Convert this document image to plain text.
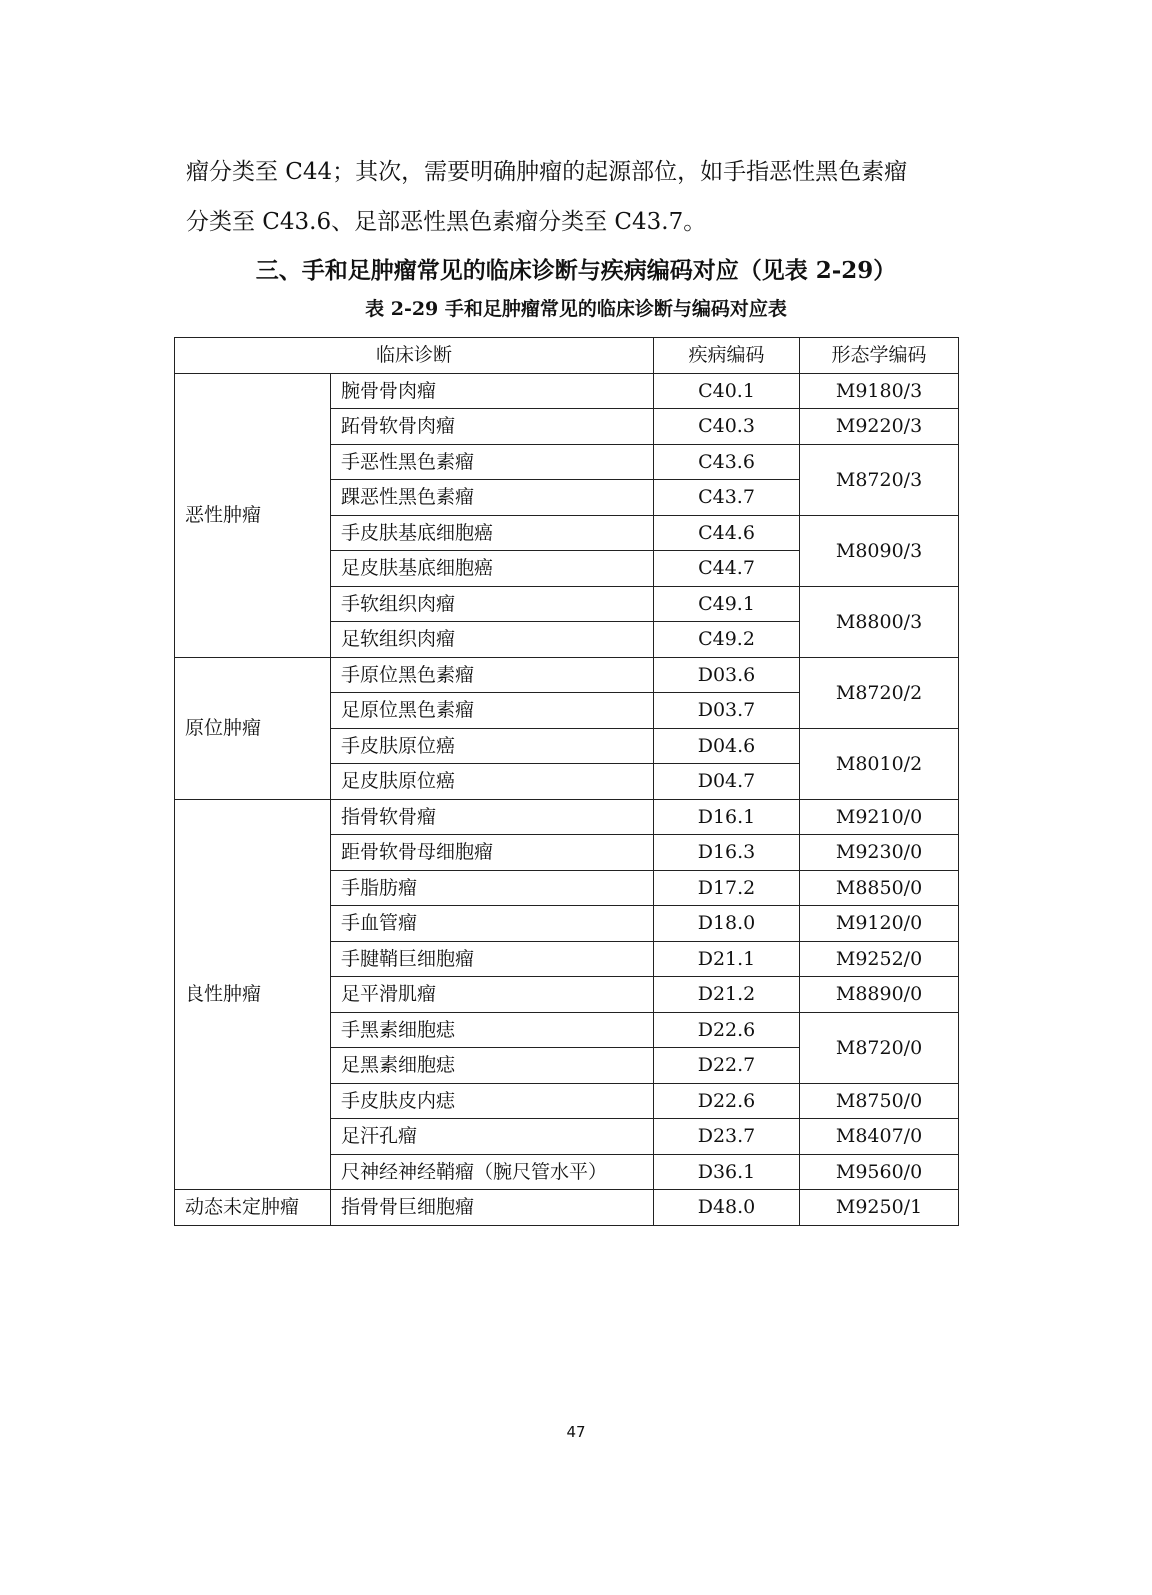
瘤分类至 C44；其次，需要明确肿瘤的起源部位，如手指恶性黑色素瘤
分类至 C43.6、足部恶性黑色素瘤分类至 C43.7。
三、手和足肿瘤常见的临床诊断与疾病编码对应（见表 2-29）
表 2-29 手和足肿瘤常见的临床诊断与编码对应表
临床诊断		疾病编码	形态学编码
恶性肿瘤	腕骨骨肉瘤	C40.1	M9180/3
	跖骨软骨肉瘤	C40.3	M9220/3
	手恶性黑色素瘤	C43.6	M8720/3
	踝恶性黑色素瘤	C43.7	
	手皮肤基底细胞癌	C44.6	M8090/3
	足皮肤基底细胞癌	C44.7	
	手软组织肉瘤	C49.1	M8800/3
	足软组织肉瘤	C49.2	
原位肿瘤	手原位黑色素瘤	D03.6	M8720/2
	足原位黑色素瘤	D03.7	
	手皮肤原位癌	D04.6	M8010/2
	足皮肤原位癌	D04.7	
良性肿瘤	指骨软骨瘤	D16.1	M9210/0
	距骨软骨母细胞瘤	D16.3	M9230/0
	手脂肪瘤	D17.2	M8850/0
	手血管瘤	D18.0	M9120/0
	手腱鞘巨细胞瘤	D21.1	M9252/0
	足平滑肌瘤	D21.2	M8890/0
	手黑素细胞痣	D22.6	M8720/0
	足黑素细胞痣	D22.7	
	手皮肤皮内痣	D22.6	M8750/0
	足汗孔瘤	D23.7	M8407/0
	尺神经神经鞘瘤（腕尺管水平）	D36.1	M9560/0
动态未定肿瘤	指骨骨巨细胞瘤	D48.0	M9250/1
47
